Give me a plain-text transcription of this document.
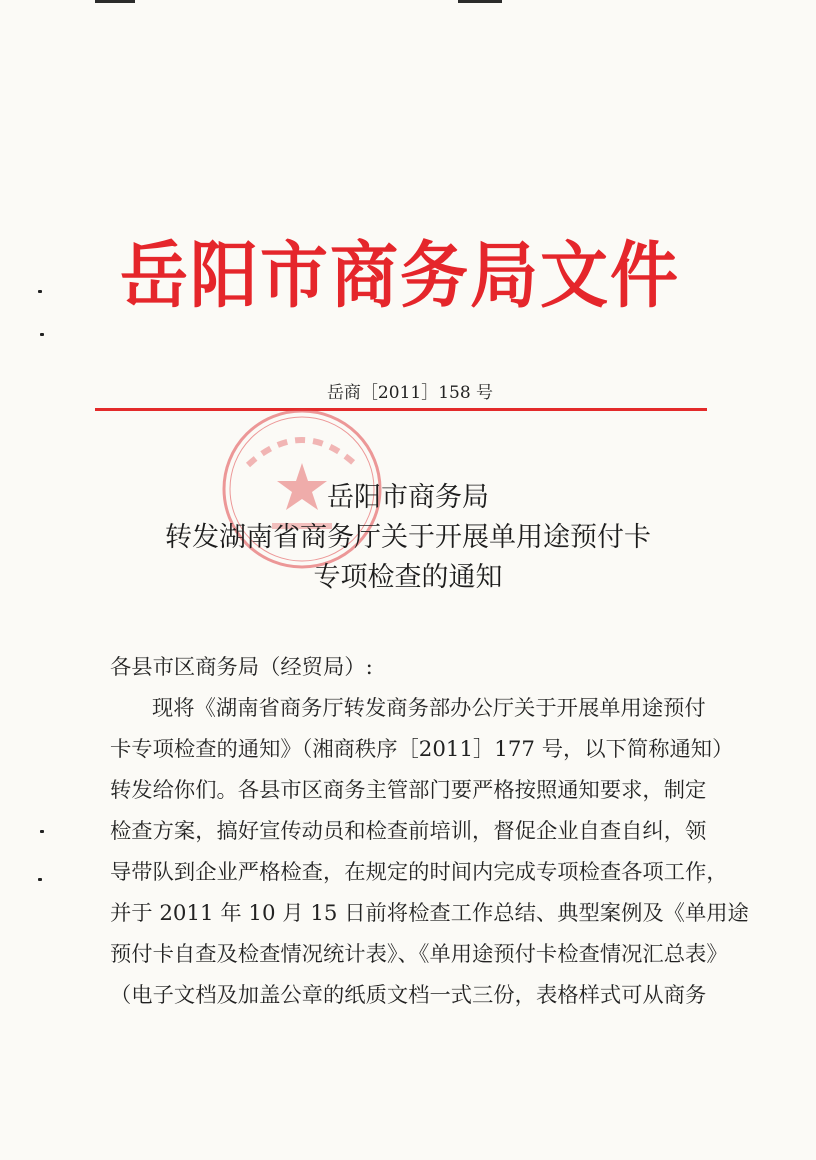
岳阳市商务局文件
岳商［2011］158 号
岳阳市商务局
转发湖南省商务厅关于开展单用途预付卡
专项检查的通知
各县市区商务局（经贸局）:
现将《湖南省商务厅转发商务部办公厅关于开展单用途预付
卡专项检查的通知》（湘商秩序［2011］177 号，以下简称通知）
转发给你们。各县市区商务主管部门要严格按照通知要求，制定
检查方案，搞好宣传动员和检查前培训，督促企业自查自纠，领
导带队到企业严格检查，在规定的时间内完成专项检查各项工作，
并于 2011 年 10 月 15 日前将检查工作总结、典型案例及《单用途
预付卡自查及检查情况统计表》、《单用途预付卡检查情况汇总表》
（电子文档及加盖公章的纸质文档一式三份，表格样式可从商务
